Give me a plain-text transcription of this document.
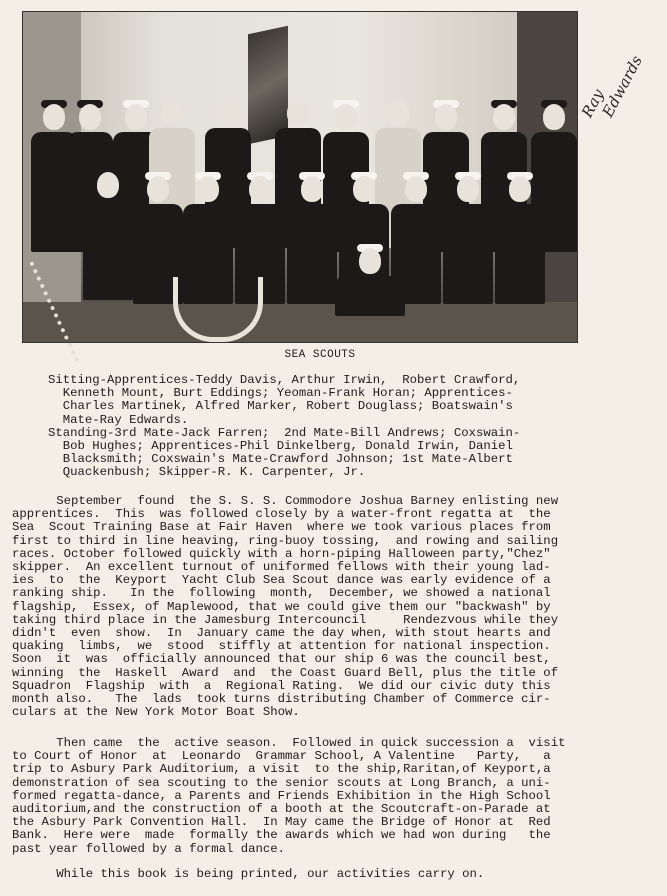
Ray
Edwards
SEA SCOUTS
Sitting-Apprentices-Teddy Davis, Arthur Irwin,  Robert Crawford,
Kenneth Mount, Burt Eddings; Yeoman-Frank Horan; Apprentices-
Charles Martinek, Alfred Marker, Robert Douglass; Boatswain's
Mate-Ray Edwards.
Standing-3rd Mate-Jack Farren;  2nd Mate-Bill Andrews; Coxswain-
Bob Hughes; Apprentices-Phil Dinkelberg, Donald Irwin, Daniel
Blacksmith; Coxswain's Mate-Crawford Johnson; 1st Mate-Albert
Quackenbush; Skipper-R. K. Carpenter, Jr.
September  found  the S. S. S. Commodore Joshua Barney enlisting new
apprentices.  This  was followed closely by a water-front regatta at  the
Sea  Scout Training Base at Fair Haven  where we took various places from
first to third in line heaving, ring-buoy tossing,  and rowing and sailing
races. October followed quickly with a horn-piping Halloween party,"Chez"
skipper.  An excellent turnout of uniformed fellows with their young lad-
ies  to  the  Keyport  Yacht Club Sea Scout dance was early evidence of a
ranking ship.   In the  following  month,  December, we showed a national
flagship,  Essex, of Maplewood, that we could give them our "backwash" by
taking third place in the Jamesburg Intercouncil     Rendezvous while they
didn't  even  show.  In  January came the day when, with stout hearts and
quaking  limbs,  we  stood  stiffly at attention for national inspection.
Soon  it  was  officially announced that our ship 6 was the council best,
winning  the  Haskell  Award  and  the Coast Guard Bell, plus the title of
Squadron  Flagship  with  a  Regional Rating.  We did our civic duty this
month also.   The  lads  took turns distributing Chamber of Commerce cir-
culars at the New York Motor Boat Show.
Then came  the  active season.  Followed in quick succession a  visit
to Court of Honor  at  Leonardo  Grammar School, A Valentine   Party,   a
trip to Asbury Park Auditorium, a visit  to the ship,Raritan,of Keyport,a
demonstration of sea scouting to the senior scouts at Long Branch, a uni-
formed regatta-dance, a Parents and Friends Exhibition in the High School
auditorium,and the construction of a booth at the Scoutcraft-on-Parade at
the Asbury Park Convention Hall.  In May came the Bridge of Honor at  Red
Bank.  Here were  made  formally the awards which we had won during   the
past year followed by a formal dance.
While this book is being printed, our activities carry on.
